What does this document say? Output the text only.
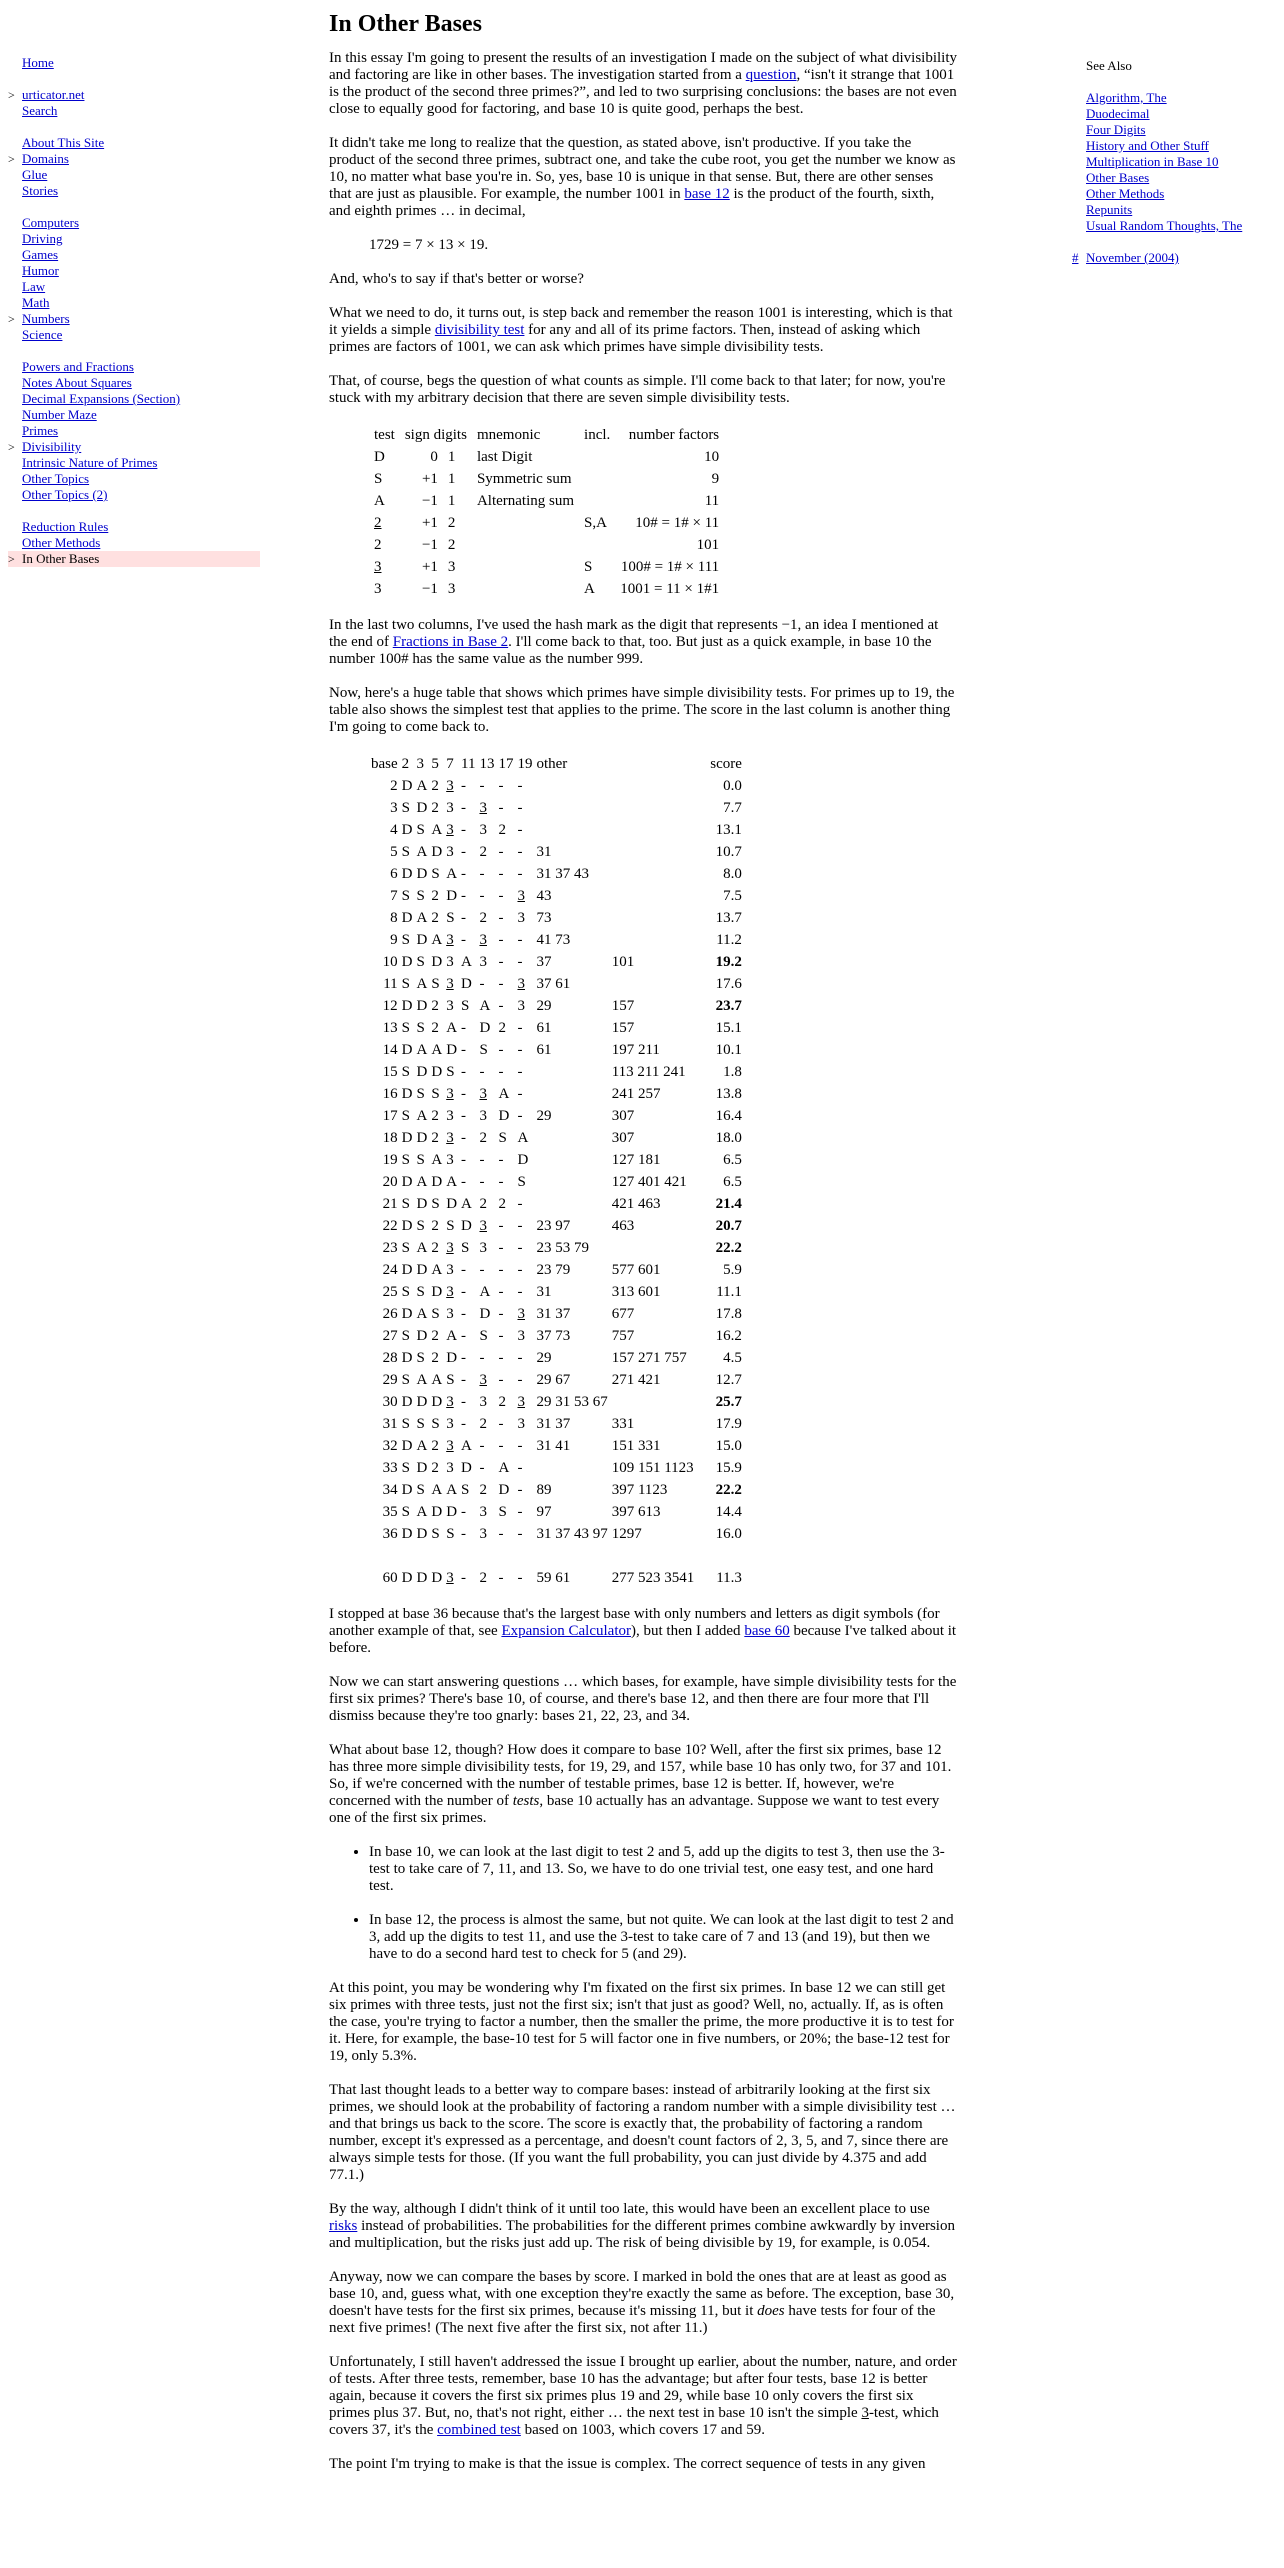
Home
> urticator.net
Search
About This Site
> Domains
Glue
Stories
Computers
Driving
Games
Humor
Law
Math
> Numbers
Science
Powers and Fractions
Notes About Squares
Decimal Expansions (Section)
Number Maze
Primes
> Divisibility
Intrinsic Nature of Primes
Other Topics
Other Topics (2)
Reduction Rules
Other Methods
> In Other Bases
See Also
Algorithm, The
Duodecimal
Four Digits
History and Other Stuff
Multiplication in Base 10
Other Bases
Other Methods
Repunits
Usual Random Thoughts, The
# November (2004)
In Other Bases

In this essay I'm going to present the results of an investigation I made on the subject of what divisibility and factoring are like in other bases. The investigation started from a question, “isn't it strange that 1001 is the product of the second three primes?”, and led to two surprising conclusions: the bases are not even close to equally good for factoring, and base 10 is quite good, perhaps the best.

It didn't take me long to realize that the question, as stated above, isn't productive. If you take the product of the second three primes, subtract one, and take the cube root, you get the number we know as 10, no matter what base you're in. So, yes, base 10 is unique in that sense. But, there are other senses that are just as plausible. For example, the number 1001 in base 12 is the product of the fourth, sixth, and eighth primes … in decimal,

1729 = 7 × 13 × 19.

And, who's to say if that's better or worse?

What we need to do, it turns out, is step back and remember the reason 1001 is interesting, which is that it yields a simple divisibility test for any and all of its prime factors. Then, instead of asking which primes are factors of 1001, we can ask which primes have simple divisibility tests.

That, of course, begs the question of what counts as simple. I'll come back to that later; for now, you're stuck with my arbitrary decision that there are seven simple divisibility tests.

test	sign digits		mnemonic	incl.	number factors
D	0	1	last Digit		10
S	+1	1	Symmetric sum		9
A	−1	1	Alternating sum		11
2	+1	2		S,A	10# = 1# × 11
2	−1	2			101
3	+1	3		S	100# = 1# × 111
3	−1	3		A	1001 = 11 × 1#1

In the last two columns, I've used the hash mark as the digit that represents −1, an idea I mentioned at the end of Fractions in Base 2. I'll come back to that, too. But just as a quick example, in base 10 the number 100# has the same value as the number 999.

Now, here's a huge table that shows which primes have simple divisibility tests. For primes up to 19, the table also shows the simplest test that applies to the prime. The score in the last column is another thing I'm going to come back to.

base	2	3	5	7	11	13	17	19	other		score
2	D	A	2	3	-	-	-	-			0.0
3	S	D	2	3	-	3	-	-			7.7
4	D	S	A	3	-	3	2	-			13.1
5	S	A	D	3	-	2	-	-	31		10.7
6	D	D	S	A	-	-	-	-	31 37 43		8.0
7	S	S	2	D	-	-	-	3	43		7.5
8	D	A	2	S	-	2	-	3	73		13.7
9	S	D	A	3	-	3	-	-	41 73		11.2
10	D	S	D	3	A	3	-	-	37	101	19.2
11	S	A	S	3	D	-	-	3	37 61		17.6
12	D	D	2	3	S	A	-	3	29	157	23.7
13	S	S	2	A	-	D	2	-	61	157	15.1
14	D	A	A	D	-	S	-	-	61	197 211	10.1
15	S	D	D	S	-	-	-	-		113 211 241	1.8
16	D	S	S	3	-	3	A	-		241 257	13.8
17	S	A	2	3	-	3	D	-	29	307	16.4
18	D	D	2	3	-	2	S	A		307	18.0
19	S	S	A	3	-	-	-	D		127 181	6.5
20	D	A	D	A	-	-	-	S		127 401 421	6.5
21	S	D	S	D	A	2	2	-		421 463	21.4
22	D	S	2	S	D	3	-	-	23 97	463	20.7
23	S	A	2	3	S	3	-	-	23 53 79		22.2
24	D	D	A	3	-	-	-	-	23 79	577 601	5.9
25	S	S	D	3	-	A	-	-	31	313 601	11.1
26	D	A	S	3	-	D	-	3	31 37	677	17.8
27	S	D	2	A	-	S	-	3	37 73	757	16.2
28	D	S	2	D	-	-	-	-	29	157 271 757	4.5
29	S	A	A	S	-	3	-	-	29 67	271 421	12.7
30	D	D	D	3	-	3	2	3	29 31 53 67		25.7
31	S	S	S	3	-	2	-	3	31 37	331	17.9
32	D	A	2	3	A	-	-	-	31 41	151 331	15.0
33	S	D	2	3	D	-	A	-		109 151 1123	15.9
34	D	S	A	A	S	2	D	-	89	397 1123	22.2
35	S	A	D	D	-	3	S	-	97	397 613	14.4
36	D	D	S	S	-	3	-	-	31 37 43 97	1297	16.0

60	D	D	D	3	-	2	-	-	59 61	277 523 3541	11.3

I stopped at base 36 because that's the largest base with only numbers and letters as digit symbols (for another example of that, see Expansion Calculator), but then I added base 60 because I've talked about it before.

Now we can start answering questions … which bases, for example, have simple divisibility tests for the first six primes? There's base 10, of course, and there's base 12, and then there are four more that I'll dismiss because they're too gnarly: bases 21, 22, 23, and 34.

What about base 12, though? How does it compare to base 10? Well, after the first six primes, base 12 has three more simple divisibility tests, for 19, 29, and 157, while base 10 has only two, for 37 and 101. So, if we're concerned with the number of testable primes, base 12 is better. If, however, we're concerned with the number of tests, base 10 actually has an advantage. Suppose we want to test every one of the first six primes.

• In base 10, we can look at the last digit to test 2 and 5, add up the digits to test 3, then use the 3-test to take care of 7, 11, and 13. So, we have to do one trivial test, one easy test, and one hard test.
• In base 12, the process is almost the same, but not quite. We can look at the last digit to test 2 and 3, add up the digits to test 11, and use the 3-test to take care of 7 and 13 (and 19), but then we have to do a second hard test to check for 5 (and 29).

At this point, you may be wondering why I'm fixated on the first six primes. In base 12 we can still get six primes with three tests, just not the first six; isn't that just as good? Well, no, actually. If, as is often the case, you're trying to factor a number, then the smaller the prime, the more productive it is to test for it. Here, for example, the base-10 test for 5 will factor one in five numbers, or 20%; the base-12 test for 19, only 5.3%.

That last thought leads to a better way to compare bases: instead of arbitrarily looking at the first six primes, we should look at the probability of factoring a random number with a simple divisibility test … and that brings us back to the score. The score is exactly that, the probability of factoring a random number, except it's expressed as a percentage, and doesn't count factors of 2, 3, 5, and 7, since there are always simple tests for those. (If you want the full probability, you can just divide by 4.375 and add 77.1.)

By the way, although I didn't think of it until too late, this would have been an excellent place to use risks instead of probabilities. The probabilities for the different primes combine awkwardly by inversion and multiplication, but the risks just add up. The risk of being divisible by 19, for example, is 0.054.

Anyway, now we can compare the bases by score. I marked in bold the ones that are at least as good as base 10, and, guess what, with one exception they're exactly the same as before. The exception, base 30, doesn't have tests for the first six primes, because it's missing 11, but it does have tests for four of the next five primes! (The next five after the first six, not after 11.)

Unfortunately, I still haven't addressed the issue I brought up earlier, about the number, nature, and order of tests. After three tests, remember, base 10 has the advantage; but after four tests, base 12 is better again, because it covers the first six primes plus 19 and 29, while base 10 only covers the first six primes plus 37. But, no, that's not right, either … the next test in base 10 isn't the simple 3-test, which covers 37, it's the combined test based on 1003, which covers 17 and 59.

The point I'm trying to make is that the issue is complex. The correct sequence of tests in any given
